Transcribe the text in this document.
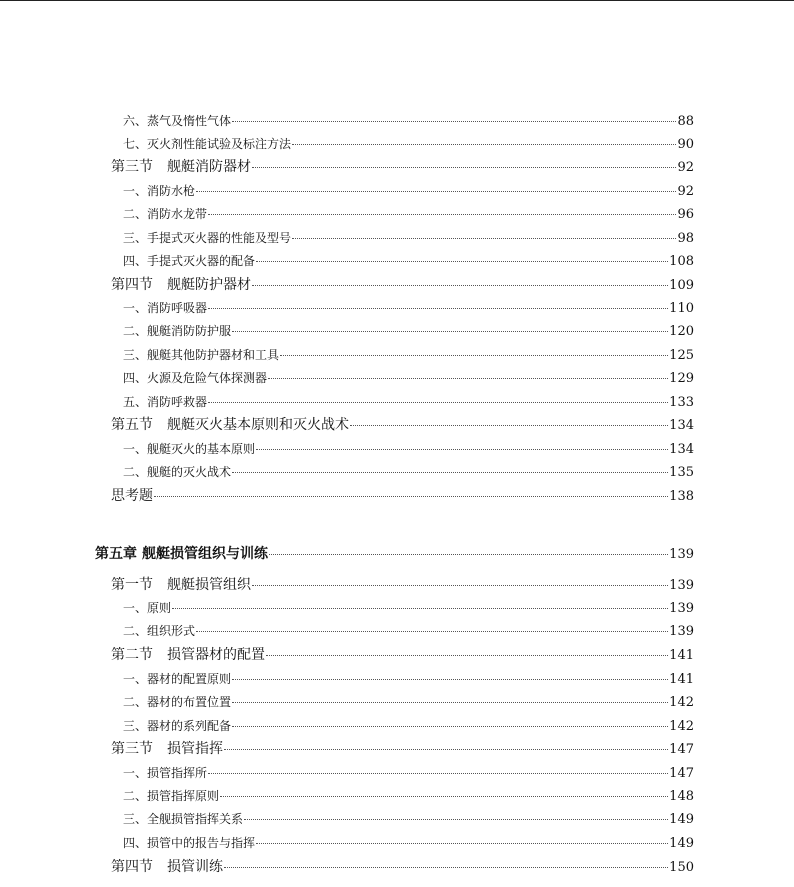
六、蒸气及惰性气体	88
七、灭火剂性能试验及标注方法	90
第三节 舰艇消防器材	92
一、消防水枪	92
二、消防水龙带	96
三、手提式灭火器的性能及型号	98
四、手提式灭火器的配备	108
第四节 舰艇防护器材	109
一、消防呼吸器	110
二、舰艇消防防护服	120
三、舰艇其他防护器材和工具	125
四、火源及危险气体探测器	129
五、消防呼救器	133
第五节 舰艇灭火基本原则和灭火战术	134
一、舰艇灭火的基本原则	134
二、舰艇的灭火战术	135
思考题	138
第五章 舰艇损管组织与训练	139
第一节 舰艇损管组织	139
一、原则	139
二、组织形式	139
第二节 损管器材的配置	141
一、器材的配置原则	141
二、器材的布置位置	142
三、器材的系列配备	142
第三节 损管指挥	147
一、损管指挥所	147
二、损管指挥原则	148
三、全舰损管指挥关系	149
四、损管中的报告与指挥	149
第四节 损管训练	150
